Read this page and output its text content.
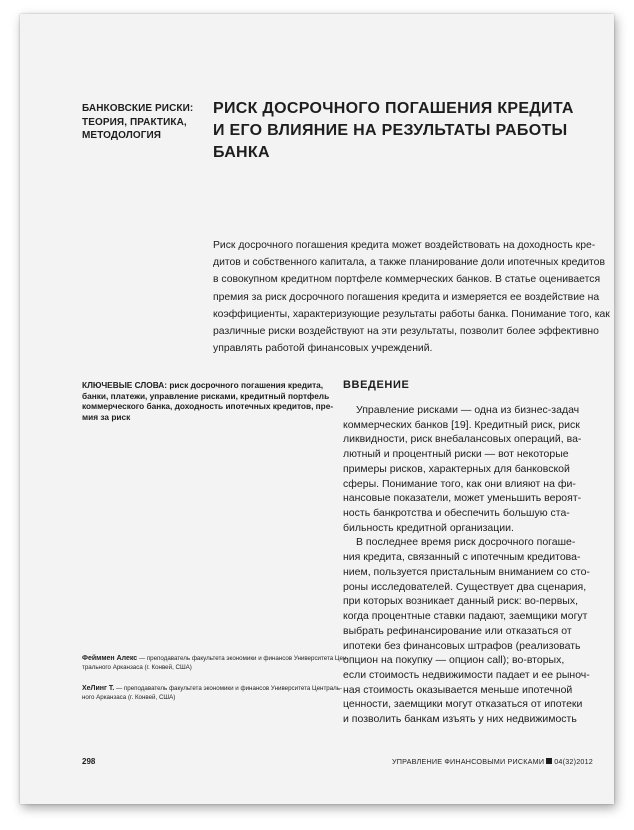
БАНКОВСКИЕ РИСКИ:
ТЕОРИЯ, ПРАКТИКА,
МЕТОДОЛОГИЯ
РИСК ДОСРОЧНОГО ПОГАШЕНИЯ КРЕДИТА
И ЕГО ВЛИЯНИЕ НА РЕЗУЛЬТАТЫ РАБОТЫ
БАНКА
Риск досрочного погашения кредита может воздействовать на доходность кре-
дитов и собственного капитала, а также планирование доли ипотечных кредитов
в совокупном кредитном портфеле коммерческих банков. В статье оценивается
премия за риск досрочного погашения кредита и измеряется ее воздействие на
коэффициенты, характеризующие результаты работы банка. Понимание того, как
различные риски воздействуют на эти результаты, позволит более эффективно
управлять работой финансовых учреждений.
КЛЮЧЕВЫЕ СЛОВА: риск досрочного погашения кредита,
банки, платежи, управление рисками, кредитный портфель
коммерческого банка, доходность ипотечных кредитов, пре-
мия за риск
ВВЕДЕНИЕ
Управление рисками — одна из бизнес-задач
коммерческих банков [19]. Кредитный риск, риск
ликвидности, риск внебалансовых операций, ва-
лютный и процентный риски — вот некоторые
примеры рисков, характерных для банковской
сферы. Понимание того, как они влияют на фи-
нансовые показатели, может уменьшить вероят-
ность банкротства и обеспечить большую ста-
бильность кредитной организации.
В последнее время риск досрочного погаше-
ния кредита, связанный с ипотечным кредитова-
нием, пользуется пристальным вниманием со сто-
роны исследователей. Существует два сценария,
при которых возникает данный риск: во-первых,
когда процентные ставки падают, заемщики могут
выбрать рефинансирование или отказаться от
ипотеки без финансовых штрафов (реализовать
опцион на покупку — опцион call); во-вторых,
если стоимость недвижимости падает и ее рыноч-
ная стоимость оказывается меньше ипотечной
ценности, заемщики могут отказаться от ипотеки
и позволить банкам изъять у них недвижимость
Фейммен Алекс — преподаватель факультета экономики и финансов Университета Цен-
трального Арканзаса (г. Конвей, США)
ХеЛинг Т. — преподаватель факультета экономики и финансов Университета Централь-
ного Арканзаса (г. Конвей, США)
298	УПРАВЛЕНИЕ ФИНАНСОВЫМИ РИСКАМИ 04(32)2012
